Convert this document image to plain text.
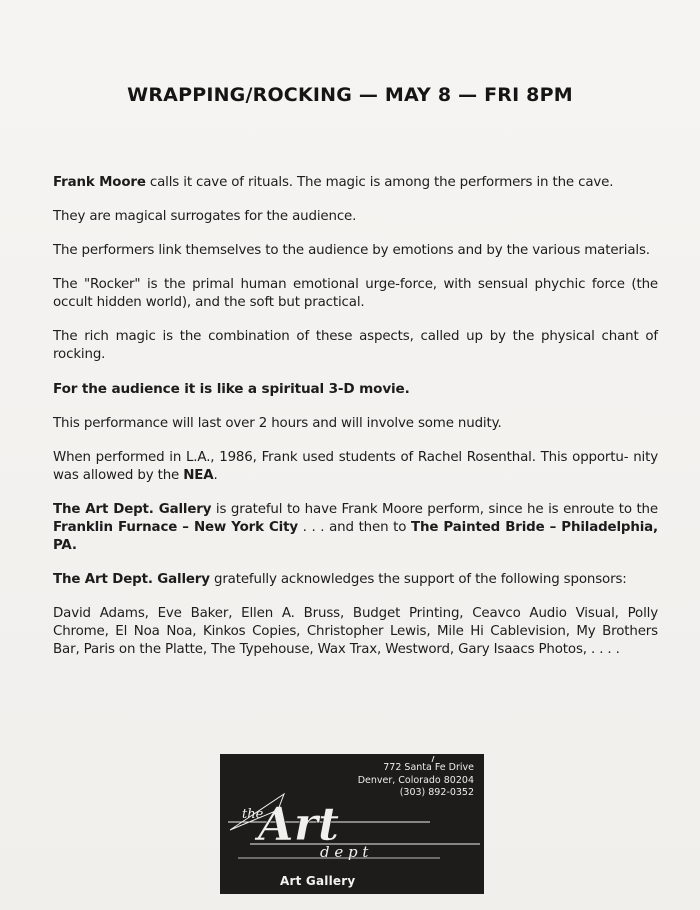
WRAPPING/ROCKING — MAY 8 — FRI 8PM

Frank Moore calls it cave of rituals. The magic is among the performers in the cave.

They are magical surrogates for the audience.

The performers link themselves to the audience by emotions and by the various materials.

The "Rocker" is the primal human emotional urge-force, with sensual phychic force (the occult hidden world), and the soft but practical.

The rich magic is the combination of these aspects, called up by the physical chant of rocking.

For the audience it is like a spiritual 3-D movie.

This performance will last over 2 hours and will involve some nudity.

When performed in L.A., 1986, Frank used students of Rachel Rosenthal. This opportu- nity was allowed by the NEA.

The Art Dept. Gallery is grateful to have Frank Moore perform, since he is enroute to the Franklin Furnace – New York City . . . and then to The Painted Bride – Philadelphia, PA.

The Art Dept. Gallery gratefully acknowledges the support of the following sponsors:

David Adams, Eve Baker, Ellen A. Bruss, Budget Printing, Ceavco Audio Visual, Polly Chrome, El Noa Noa, Kinkos Copies, Christopher Lewis, Mile Hi Cablevision, My Brothers Bar, Paris on the Platte, The Typehouse, Wax Trax, Westword, Gary Isaacs Photos, . . . .

the
Art
d e p t
772 Santa Fe Drive
Denver, Colorado 80204
(303) 892-0352
Art Gallery
